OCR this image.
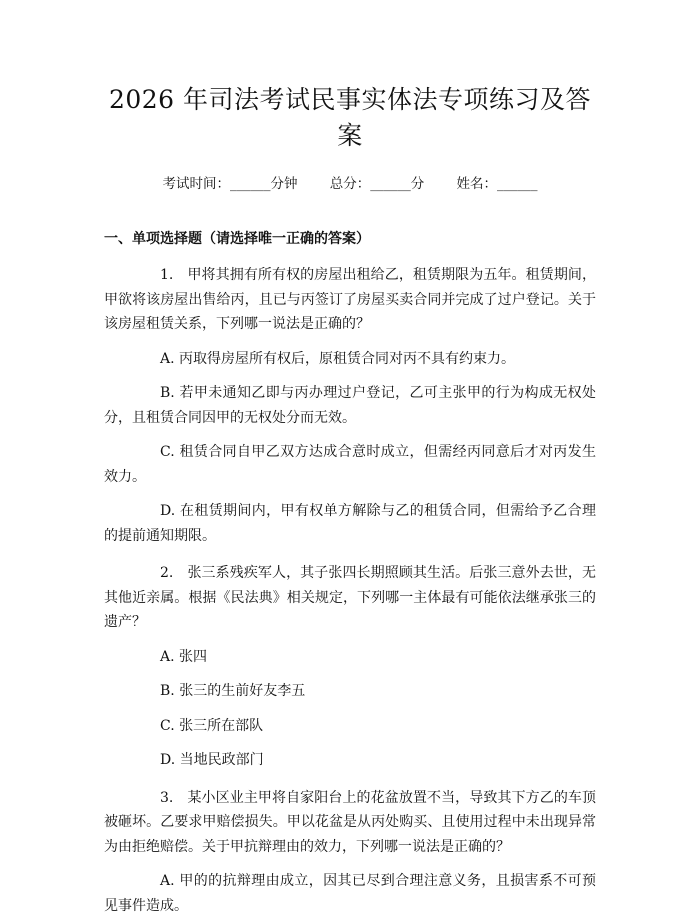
2026 年司法考试民事实体法专项练习及答案
考试时间：______分钟 总分：______分 姓名：______
一、单项选择题（请选择唯一正确的答案）
1. 甲将其拥有所有权的房屋出租给乙，租赁期限为五年。租赁期间，甲欲将该房屋出售给丙，且已与丙签订了房屋买卖合同并完成了过户登记。关于该房屋租赁关系，下列哪一说法是正确的？
A. 丙取得房屋所有权后，原租赁合同对丙不具有约束力。
B. 若甲未通知乙即与丙办理过户登记，乙可主张甲的行为构成无权处分，且租赁合同因甲的无权处分而无效。
C. 租赁合同自甲乙双方达成合意时成立，但需经丙同意后才对丙发生效力。
D. 在租赁期间内，甲有权单方解除与乙的租赁合同，但需给予乙合理的提前通知期限。
2. 张三系残疾军人，其子张四长期照顾其生活。后张三意外去世，无其他近亲属。根据《民法典》相关规定，下列哪一主体最有可能依法继承张三的遗产？
A. 张四
B. 张三的生前好友李五
C. 张三所在部队
D. 当地民政部门
3. 某小区业主甲将自家阳台上的花盆放置不当，导致其下方乙的车顶被砸坏。乙要求甲赔偿损失。甲以花盆是从丙处购买、且使用过程中未出现异常为由拒绝赔偿。关于甲抗辩理由的效力，下列哪一说法是正确的？
A. 甲的的抗辩理由成立，因其已尽到合理注意义务，且损害系不可预见事件造成。
